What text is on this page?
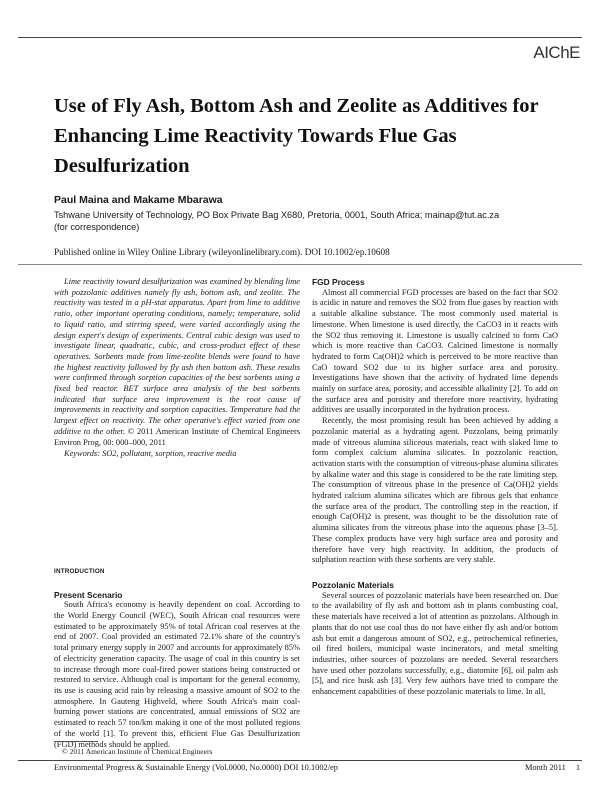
AIChE
Use of Fly Ash, Bottom Ash and Zeolite as Additives for Enhancing Lime Reactivity Towards Flue Gas Desulfurization
Paul Maina and Makame Mbarawa
Tshwane University of Technology, PO Box Private Bag X680, Pretoria, 0001, South Africa; mainap@tut.ac.za
(for correspondence)
Published online in Wiley Online Library (wileyonlinelibrary.com). DOI 10.1002/ep.10608

Lime reactivity toward desulfurization was examined by blending lime with pozzolanic additives namely fly ash, bottom ash, and zeolite. The reactivity was tested in a pH-stat apparatus. Apart from lime to additive ratio, other important operating conditions, namely; temperature, solid to liquid ratio, and stirring speed, were varied accordingly using the design expert's design of experiments. Central cubic design was used to investigate linear, quadratic, cubic, and cross-product effect of these operatives. Sorbents made from lime-zeolite blends were found to have the highest reactivity followed by fly ash then bottom ash. These results were confirmed through sorption capacities of the best sorbents using a fixed bed reactor. BET surface area analysis of the best sorbents indicated that surface area improvement is the root cause of improvements in reactivity and sorption capacities. Temperature had the largest effect on reactivity. The other operative's effect varied from one additive to the other. © 2011 American Institute of Chemical Engineers Environ Prog, 00: 000–000, 2011

Keywords: SO2, pollutant, sorption, reactive media

INTRODUCTION
Present Scenario

South Africa's economy is heavily dependent on coal. According to the World Energy Council (WEC), South African coal resources were estimated to be approximately 95% of total African coal reserves at the end of 2007. Coal provided an estimated 72.1% share of the country's total primary energy supply in 2007 and accounts for approximately 85% of electricity generation capacity. The usage of coal in this country is set to increase through more coal-fired power stations being constructed or restored to service. Although coal is important for the general economy, its use is causing acid rain by releasing a massive amount of SO2 to the atmosphere. In Gauteng Highveld, where South Africa's main coal-burning power stations are concentrated, annual emissions of SO2 are estimated to reach 57 ton/km making it one of the most polluted regions of the world [1]. To prevent this, efficient Flue Gas Desulfurization (FGD) methods should be applied.

FGD Process

Almost all commercial FGD processes are based on the fact that SO2 is acidic in nature and removes the SO2 from flue gases by reaction with a suitable alkaline substance. The most commonly used material is limestone. When limestone is used directly, the CaCO3 in it reacts with the SO2 thus removing it. Limestone is usually calcined to form CaO which is more reactive than CaCO3. Calcined limestone is normally hydrated to form Ca(OH)2 which is perceived to be more reactive than CaO toward SO2 due to its higher surface area and porosity. Investigations have shown that the activity of hydrated lime depends mainly on surface area, porosity, and accessible alkalinity [2]. To add on the surface area and porosity and therefore more reactivity, hydrating additives are usually incorporated in the hydration process.

Recently, the most promising result has been achieved by adding a pozzolanic material as a hydrating agent. Pozzolans, being primarily made of vitreous alumina siliceous materials, react with slaked lime to form complex calcium alumina silicates. In pozzolanic reaction, activation starts with the consumption of vitreous-phase alumina silicates by alkaline water and this stage is considered to be the rate limiting step. The consumption of vitreous phase in the presence of Ca(OH)2 yields hydrated calcium alumina silicates which are fibrous gels that enhance the surface area of the product. The controlling step in the reaction, if enough Ca(OH)2 is present, was thought to be the dissolution rate of alumina silicates from the vitreous phase into the aqueous phase [3–5]. These complex products have very high surface area and porosity and therefore have very high reactivity. In addition, the products of sulphation reaction with these sorbents are very stable.

Pozzolanic Materials

Several sources of pozzolanic materials have been researched on. Due to the availability of fly ash and bottom ash in plants combusting coal, these materials have received a lot of attention as pozzolans. Although in plants that do not use coal thus do not have either fly ash and/or bottom ash but emit a dangerous amount of SO2, e.g., petrochemical refineries, oil fired boilers, municipal waste incinerators, and metal smelting industries, other sources of pozzolans are needed. Several researchers have used other pozzolans successfully, e.g., diatomite [6], oil palm ash [5], and rice husk ash [3]. Very few authors have tried to compare the enhancement capabilities of these pozzolanic materials to lime. In all,

© 2011 American Institute of Chemical Engineers
Environmental Progress & Sustainable Energy (Vol.0000, No.0000) DOI 10.1002/ep	Month 2011 1
